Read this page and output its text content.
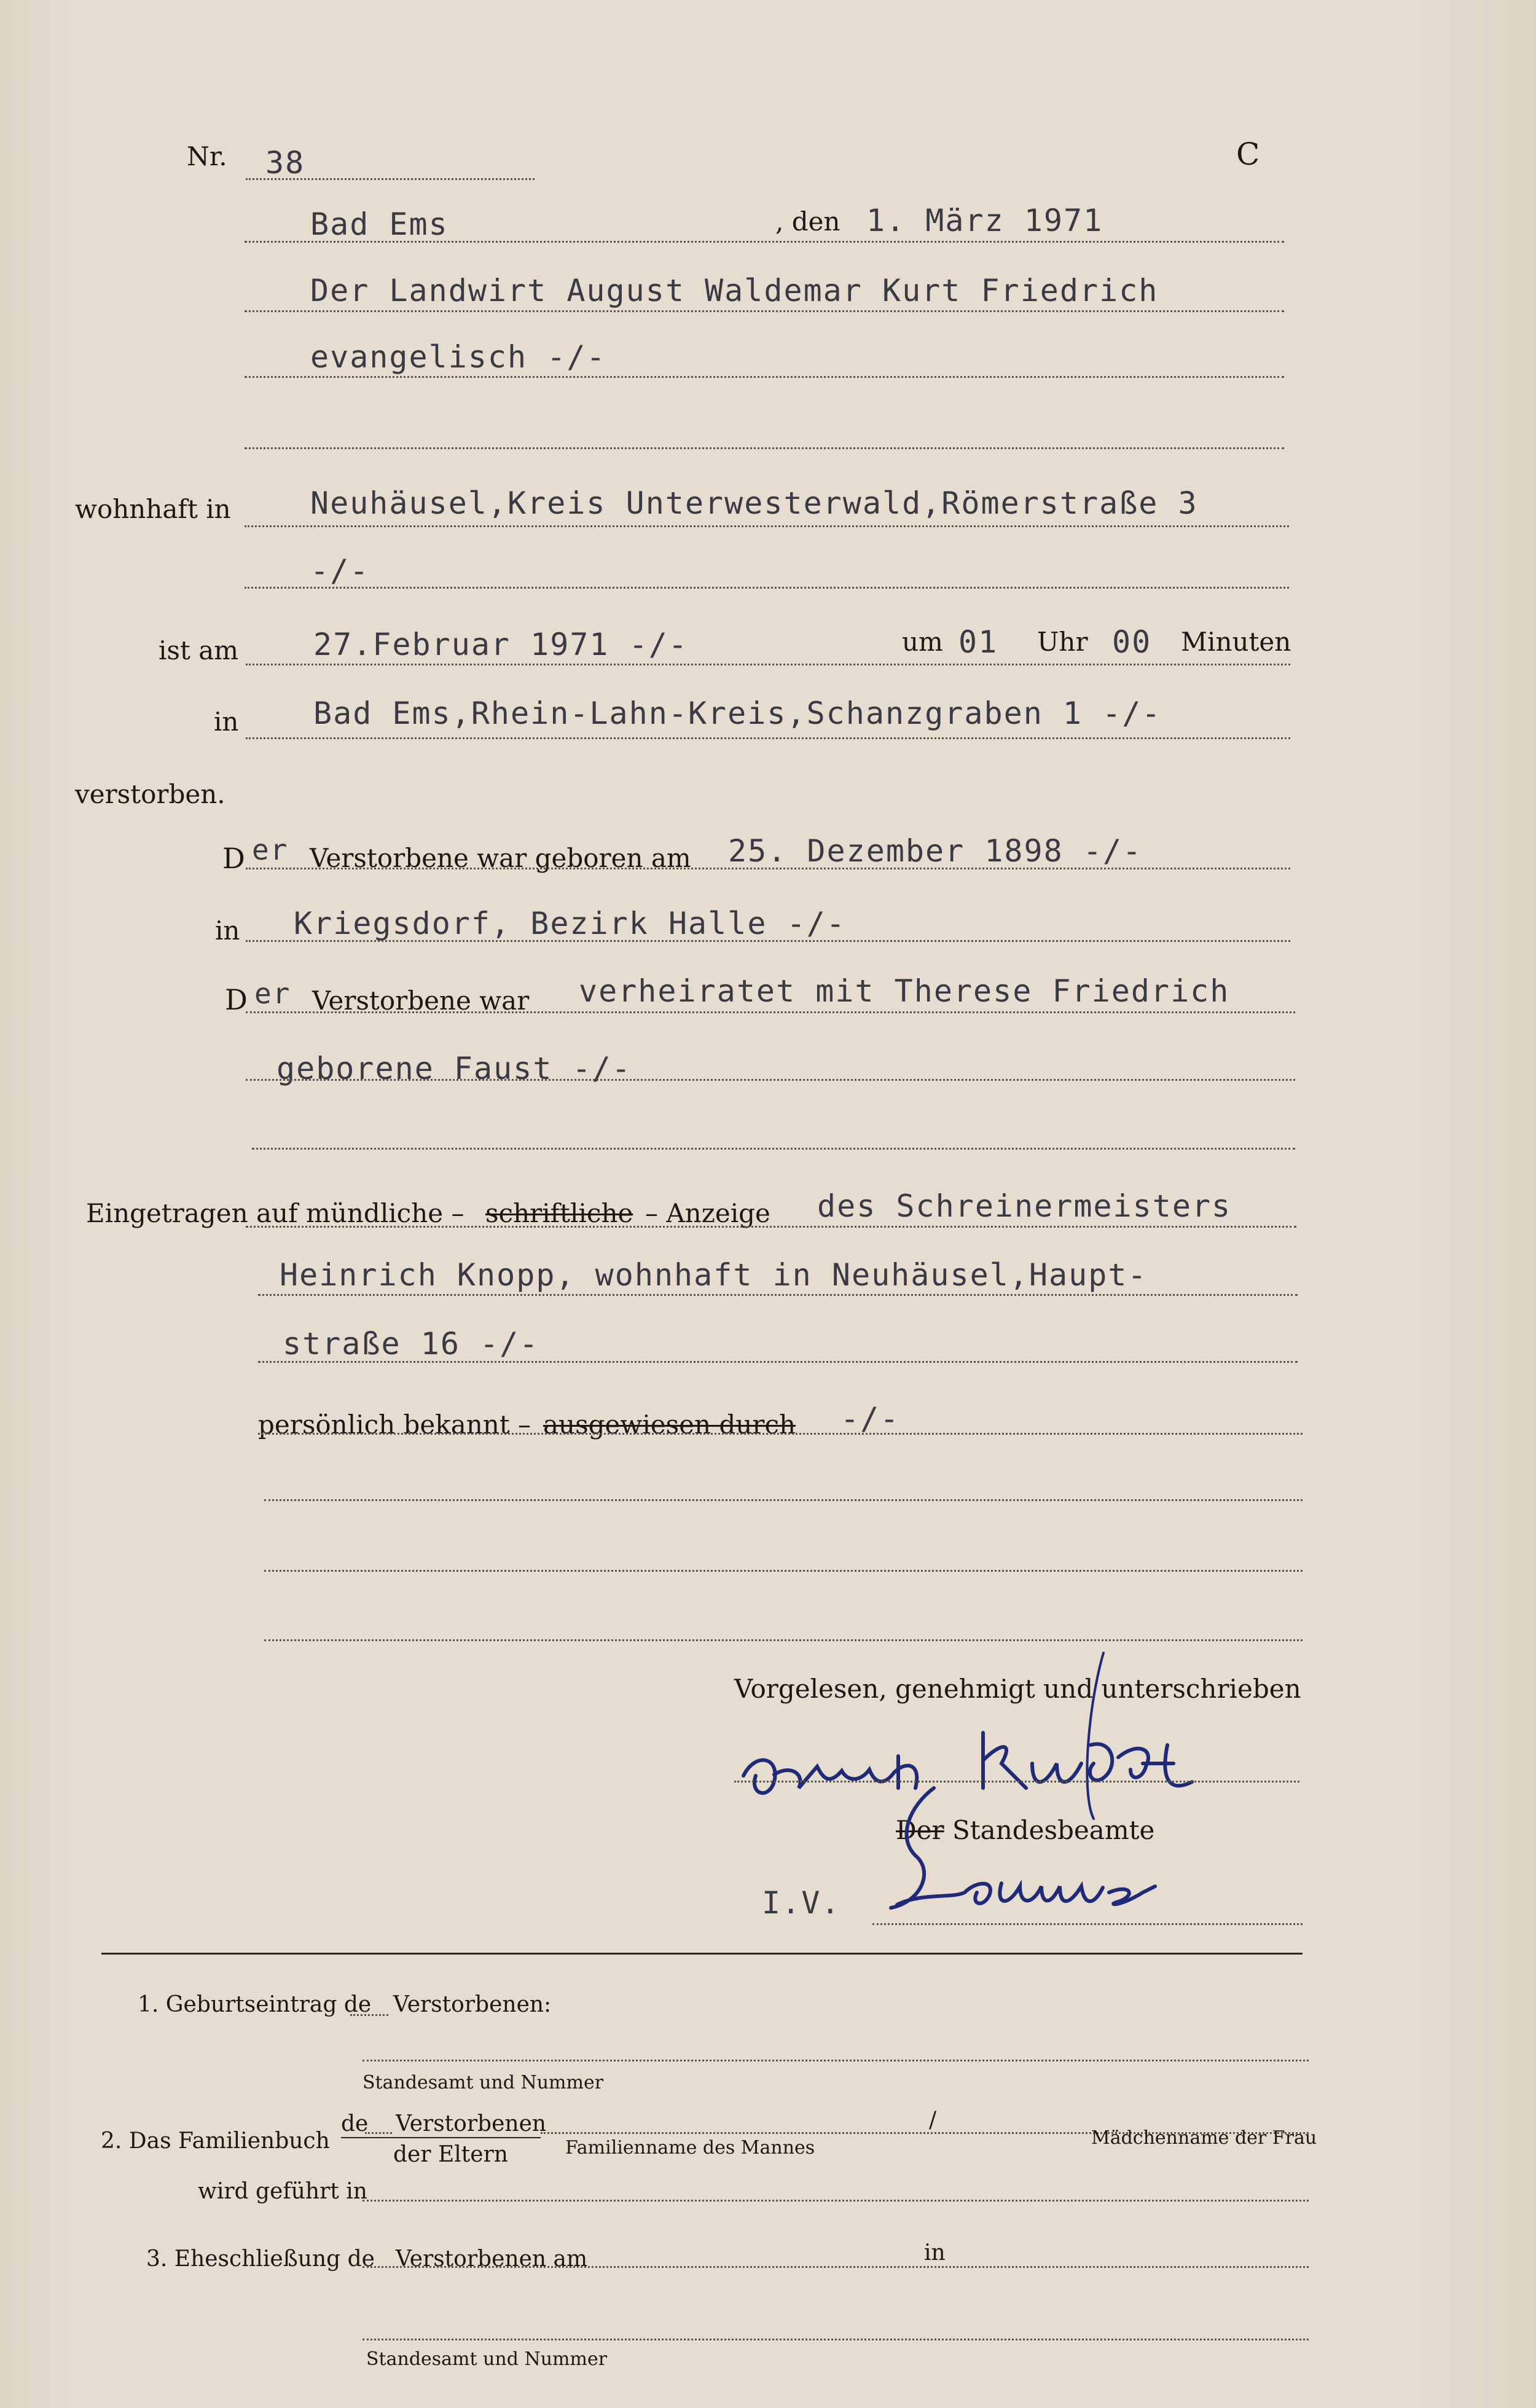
Nr. 38	C
Bad Ems	, den 1. März 1971
Der Landwirt August Waldemar Kurt Friedrich
evangelisch -/-
wohnhaft in	Neuhäusel,Kreis Unterwesterwald,Römerstraße 3
-/-
ist am 27.Februar 1971 -/-	um 01 Uhr 00 Minuten
in Bad Ems,Rhein-Lahn-Kreis,Schanzgraben 1 -/-
verstorben.
D er Verstorbene war geboren am 25. Dezember 1898 -/-
in Kriegsdorf, Bezirk Halle -/-
D er Verstorbene war verheiratet mit Therese Friedrich
geborene Faust -/-
Eingetragen auf mündliche – schriftliche – Anzeige des Schreinermeisters
Heinrich Knopp, wohnhaft in Neuhäusel,Haupt-
straße 16 -/-
persönlich bekannt – ausgewiesen durch -/-
Vorgelesen, genehmigt und unterschrieben
Der Standesbeamte
I.V.
1. Geburtseintrag de Verstorbenen:
Standesamt und Nummer
de Verstorbenen
der Eltern
2. Das Familienbuch	Familienname des Mannes
/
Mädchenname der Frau
wird geführt in
3. Eheschließung de Verstorbenen am	in
Standesamt und Nummer
